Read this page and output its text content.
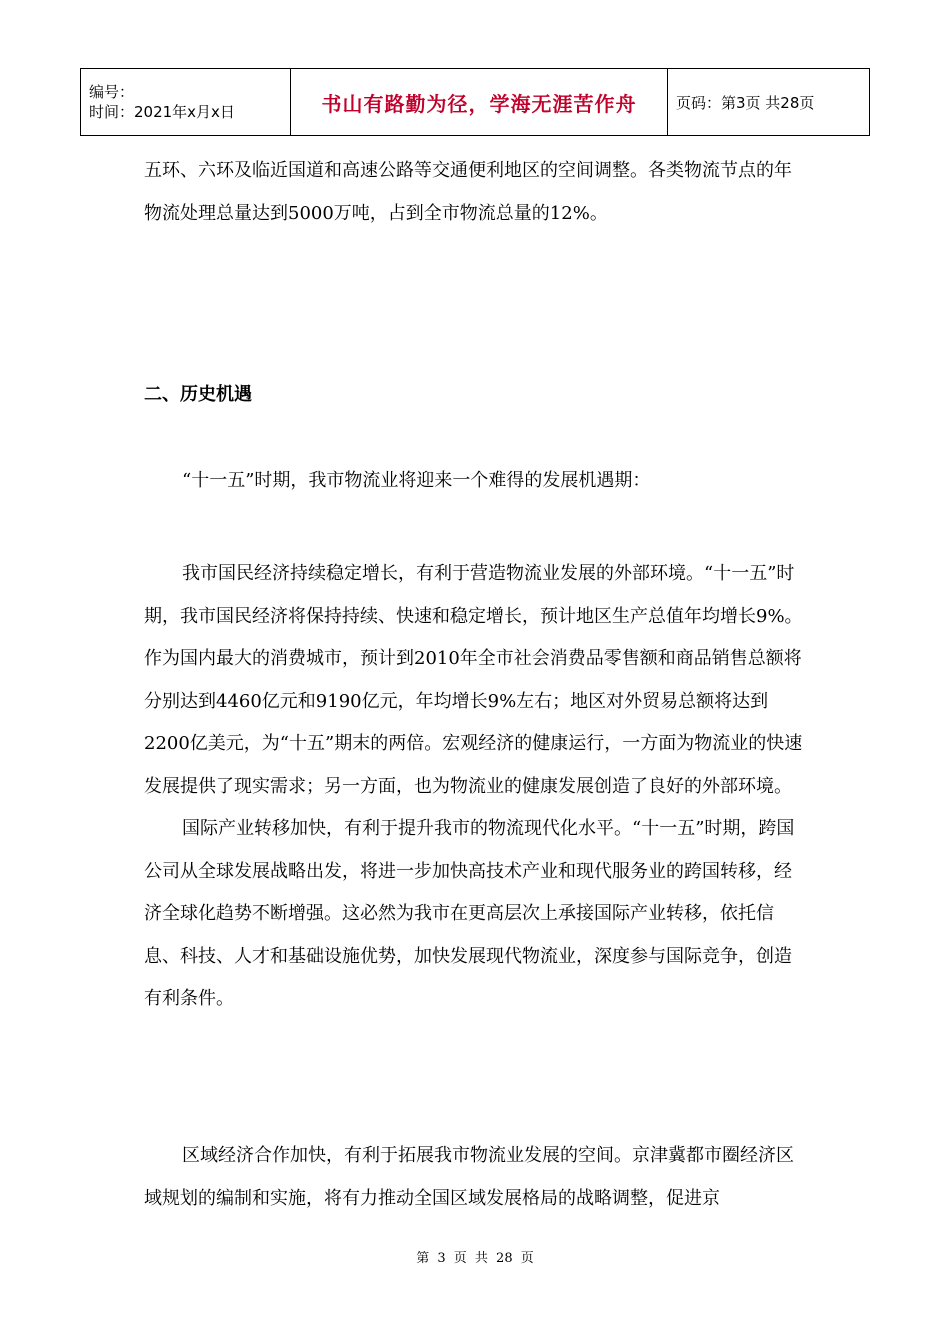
编号：
时间：2021年x月x日	书山有路勤为径，学海无涯苦作舟	页码：第3页 共28页

五环、六环及临近国道和高速公路等交通便利地区的空间调整。各类物流节点的年物流处理总量达到5000万吨，占到全市物流总量的12%。

二、历史机遇

“十一五”时期，我市物流业将迎来一个难得的发展机遇期：

我市国民经济持续稳定增长，有利于营造物流业发展的外部环境。“十一五”时期，我市国民经济将保持持续、快速和稳定增长，预计地区生产总值年均增长9%。作为国内最大的消费城市，预计到2010年全市社会消费品零售额和商品销售总额将分别达到4460亿元和9190亿元，年均增长9%左右；地区对外贸易总额将达到2200亿美元，为“十五”期末的两倍。宏观经济的健康运行，一方面为物流业的快速发展提供了现实需求；另一方面，也为物流业的健康发展创造了良好的外部环境。

国际产业转移加快，有利于提升我市的物流现代化水平。“十一五”时期，跨国公司从全球发展战略出发，将进一步加快高技术产业和现代服务业的跨国转移，经济全球化趋势不断增强。这必然为我市在更高层次上承接国际产业转移，依托信息、科技、人才和基础设施优势，加快发展现代物流业，深度参与国际竞争，创造有利条件。

区域经济合作加快，有利于拓展我市物流业发展的空间。京津冀都市圈经济区域规划的编制和实施，将有力推动全国区域发展格局的战略调整，促进京

第 3 页 共 28 页
